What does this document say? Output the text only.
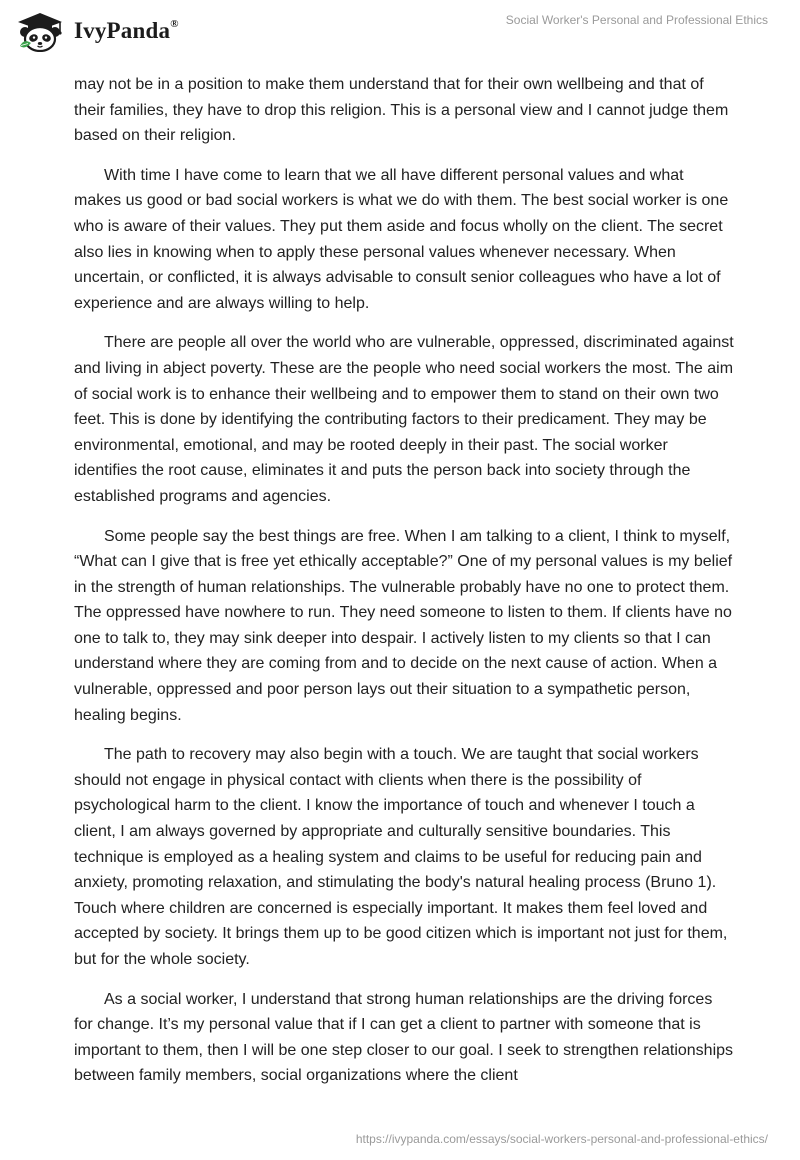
IvyPanda®	Social Worker's Personal and Professional Ethics

may not be in a position to make them understand that for their own wellbeing and that of their families, they have to drop this religion. This is a personal view and I cannot judge them based on their religion.

With time I have come to learn that we all have different personal values and what makes us good or bad social workers is what we do with them. The best social worker is one who is aware of their values. They put them aside and focus wholly on the client. The secret also lies in knowing when to apply these personal values whenever necessary. When uncertain, or conflicted, it is always advisable to consult senior colleagues who have a lot of experience and are always willing to help.

There are people all over the world who are vulnerable, oppressed, discriminated against and living in abject poverty. These are the people who need social workers the most. The aim of social work is to enhance their wellbeing and to empower them to stand on their own two feet. This is done by identifying the contributing factors to their predicament. They may be environmental, emotional, and may be rooted deeply in their past. The social worker identifies the root cause, eliminates it and puts the person back into society through the established programs and agencies.

Some people say the best things are free. When I am talking to a client, I think to myself, “What can I give that is free yet ethically acceptable?” One of my personal values is my belief in the strength of human relationships. The vulnerable probably have no one to protect them. The oppressed have nowhere to run. They need someone to listen to them. If clients have no one to talk to, they may sink deeper into despair. I actively listen to my clients so that I can understand where they are coming from and to decide on the next cause of action. When a vulnerable, oppressed and poor person lays out their situation to a sympathetic person, healing begins.

The path to recovery may also begin with a touch. We are taught that social workers should not engage in physical contact with clients when there is the possibility of psychological harm to the client. I know the importance of touch and whenever I touch a client, I am always governed by appropriate and culturally sensitive boundaries. This technique is employed as a healing system and claims to be useful for reducing pain and anxiety, promoting relaxation, and stimulating the body's natural healing process (Bruno 1). Touch where children are concerned is especially important. It makes them feel loved and accepted by society. It brings them up to be good citizen which is important not just for them, but for the whole society.

As a social worker, I understand that strong human relationships are the driving forces for change. It’s my personal value that if I can get a client to partner with someone that is important to them, then I will be one step closer to our goal. I seek to strengthen relationships between family members, social organizations where the client

https://ivypanda.com/essays/social-workers-personal-and-professional-ethics/
